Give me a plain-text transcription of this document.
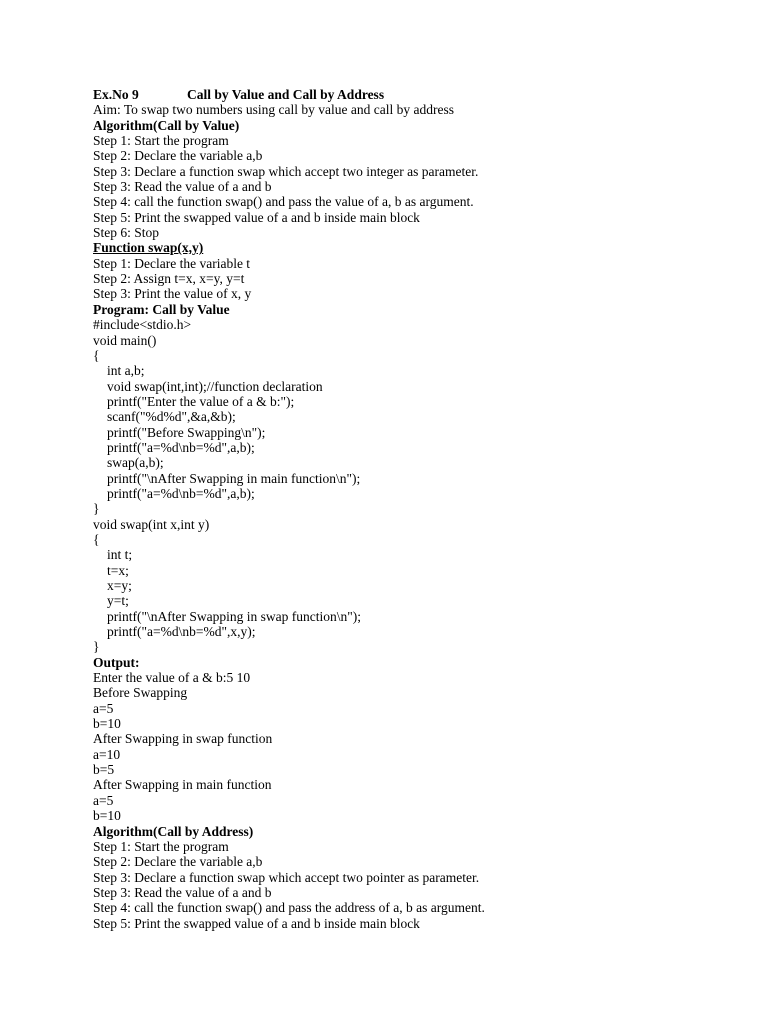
Ex.No 9	Call by Value and Call by Address
Aim: To swap two numbers using call by value and call by address
Algorithm(Call by Value)
Step 1: Start the program
Step 2: Declare the variable a,b
Step 3: Declare a function swap which accept two integer as parameter.
Step 3: Read the value of a and b
Step 4: call the function swap() and pass the value of a, b as argument.
Step 5: Print the swapped value of a and b inside main block
Step 6: Stop
Function swap(x,y)
Step 1: Declare the variable t
Step 2: Assign t=x, x=y, y=t
Step 3: Print the value of x, y
Program: Call by Value
#include<stdio.h>
void main()
{
int a,b;
void swap(int,int);//function declaration
printf("Enter the value of a & b:");
scanf("%d%d",&a,&b);
printf("Before Swapping\n");
printf("a=%d\nb=%d",a,b);
swap(a,b);
printf("\nAfter Swapping in main function\n");
printf("a=%d\nb=%d",a,b);
}
void swap(int x,int y)
{
int t;
t=x;
x=y;
y=t;
printf("\nAfter Swapping in swap function\n");
printf("a=%d\nb=%d",x,y);
}
Output:
Enter the value of a & b:5 10
Before Swapping
a=5
b=10
After Swapping in swap function
a=10
b=5
After Swapping in main function
a=5
b=10
Algorithm(Call by Address)
Step 1: Start the program
Step 2: Declare the variable a,b
Step 3: Declare a function swap which accept two pointer as parameter.
Step 3: Read the value of a and b
Step 4: call the function swap() and pass the address of a, b as argument.
Step 5: Print the swapped value of a and b inside main block
